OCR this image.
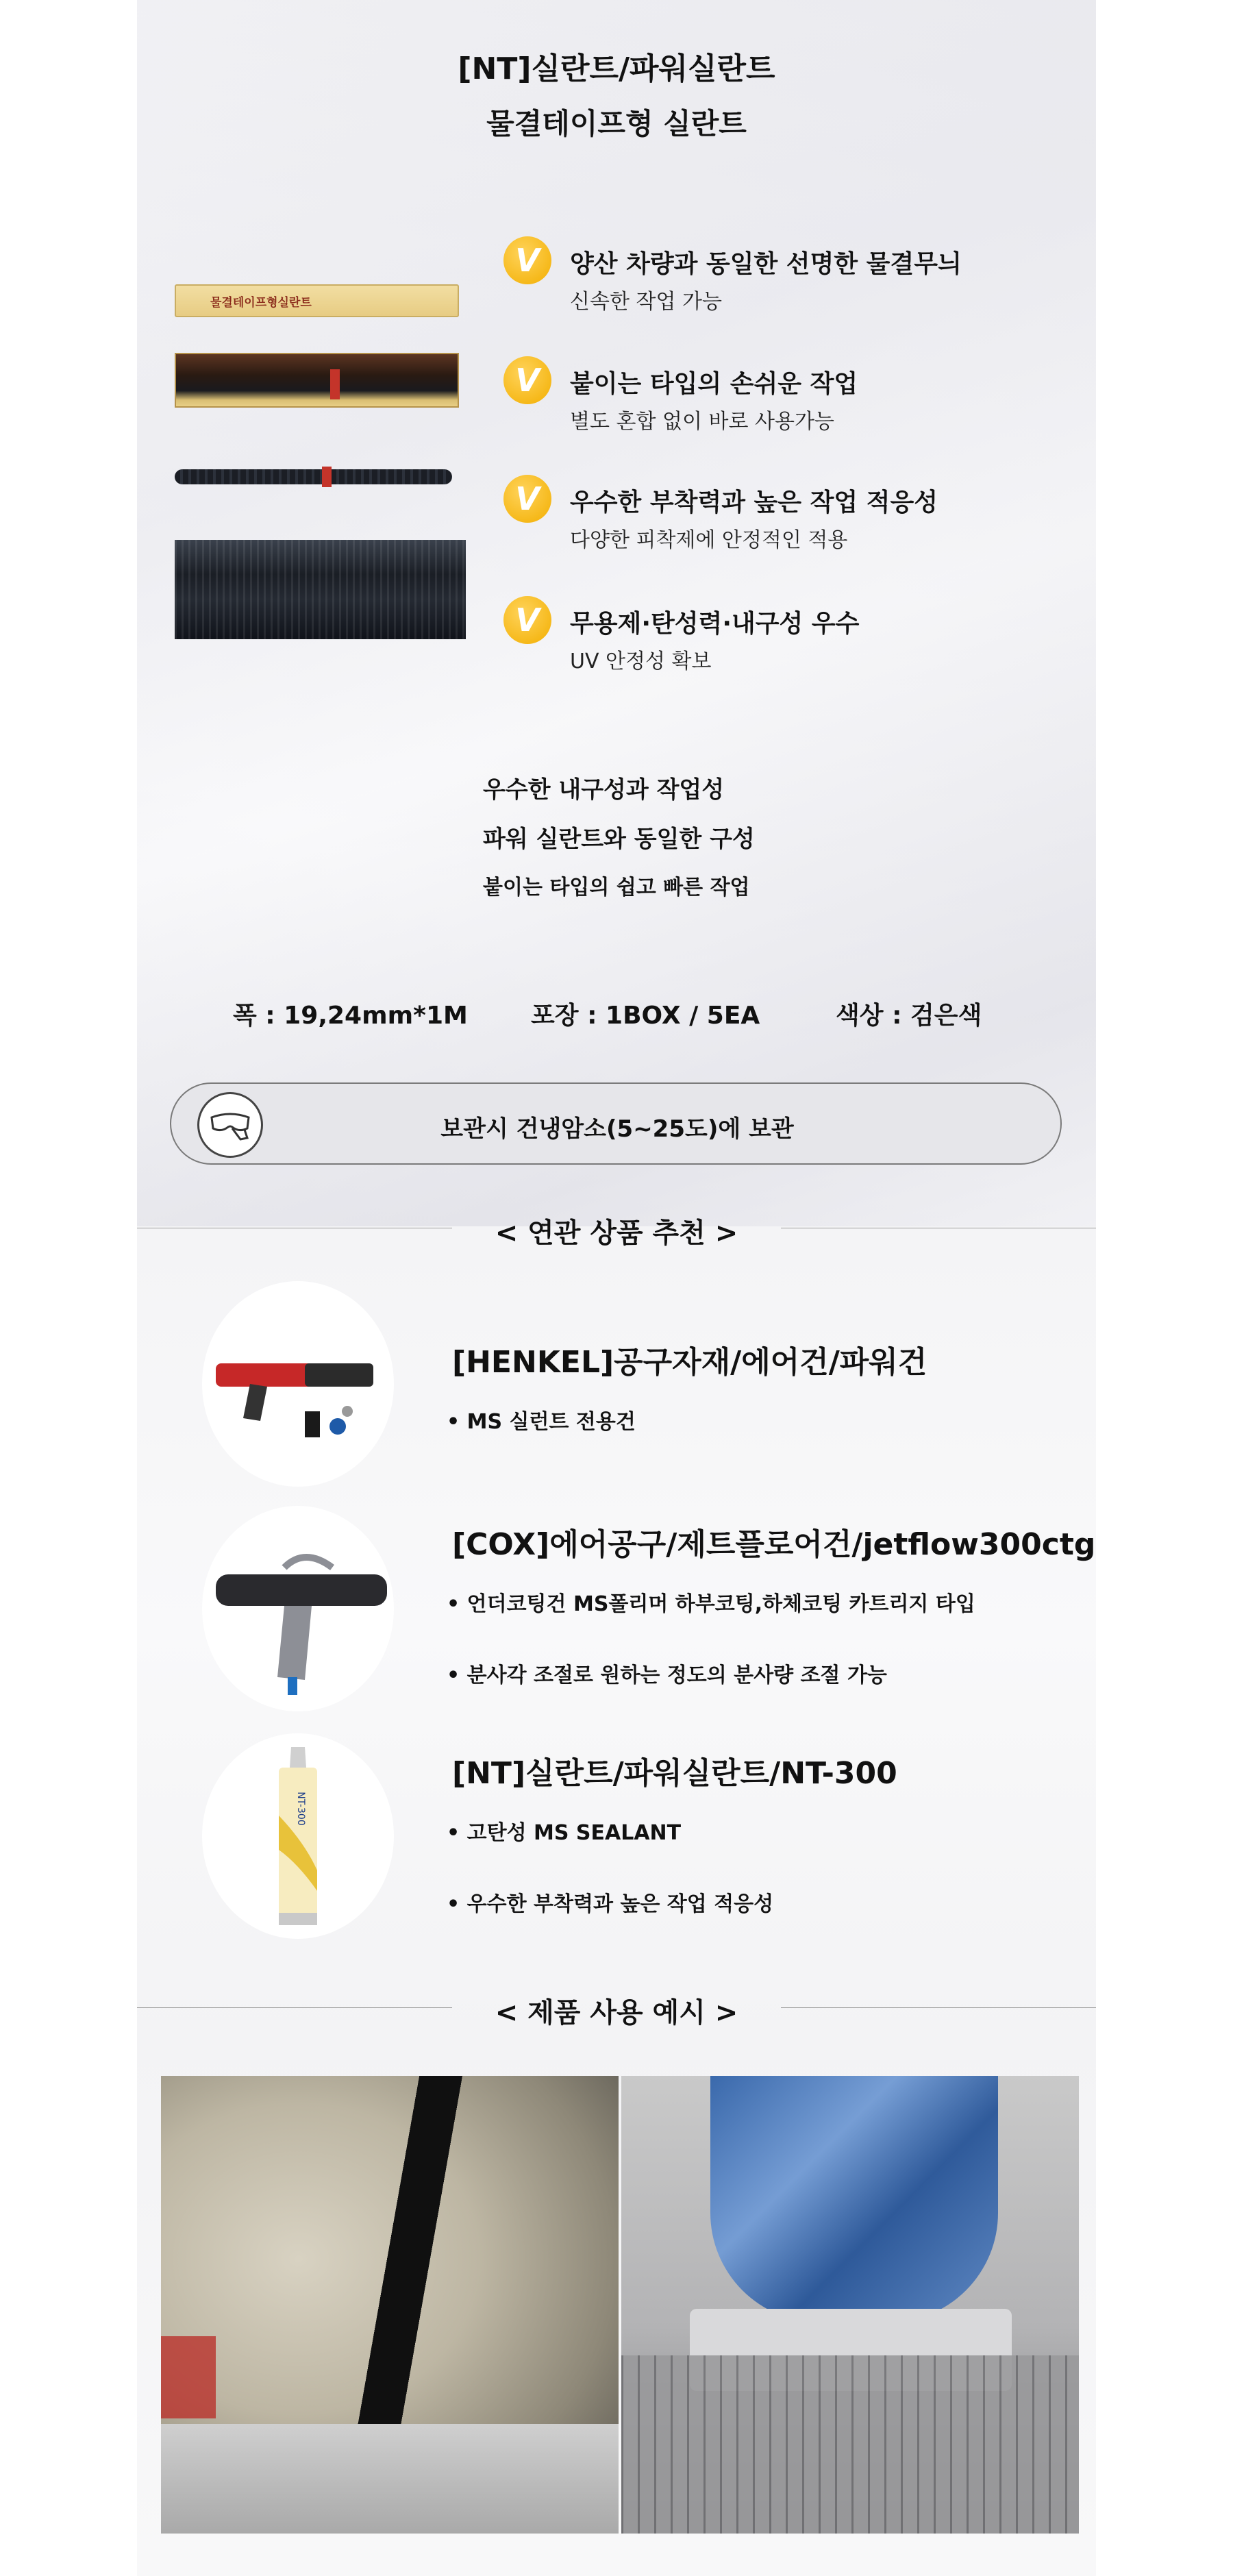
[NT]실란트/파워실란트
물결테이프형 실란트
물결테이프형실란트
V	양산 차량과 동일한 선명한 물결무늬
신속한 작업 가능
V	붙이는 타입의 손쉬운 작업
별도 혼합 없이 바로 사용가능
V	우수한 부착력과 높은 작업 적응성
다양한 피착제에 안정적인 적용
V	무용제·탄성력·내구성 우수
UV 안정성 확보
우수한 내구성과 작업성
파워 실란트와 동일한 구성
붙이는 타입의 쉽고 빠른 작업
폭 : 19,24mm*1M	포장 : 1BOX / 5EA	색상 : 검은색
보관시 건냉암소(5~25도)에 보관
< 연관 상품 추천 >
[HENKEL]공구자재/에어건/파워건
• MS 실런트 전용건
[COX]에어공구/제트플로어건/jetflow300ctg
• 언더코팅건 MS폴리머 하부코팅,하체코팅 카트리지 타입
• 분사각 조절로 원하는 정도의 분사량 조절 가능
NT-300
[NT]실란트/파워실란트/NT-300
• 고탄성 MS SEALANT
• 우수한 부착력과 높은 작업 적응성
< 제품 사용 예시 >
